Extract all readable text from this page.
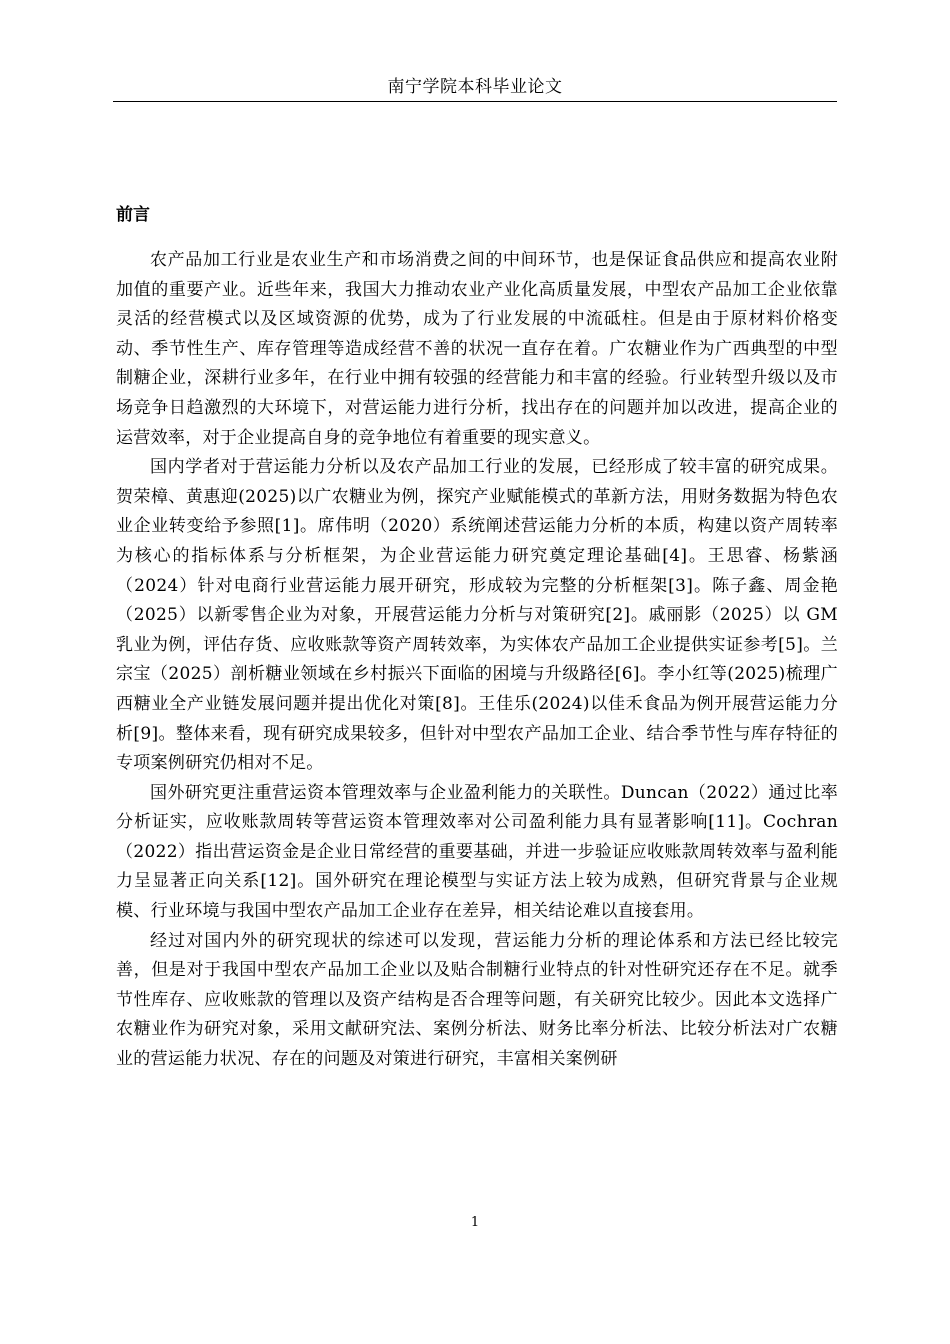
南宁学院本科毕业论文
前言

农产品加工行业是农业生产和市场消费之间的中间环节，也是保证食品供应和提高农业附加值的重要产业。近些年来，我国大力推动农业产业化高质量发展，中型农产品加工企业依靠灵活的经营模式以及区域资源的优势，成为了行业发展的中流砥柱。但是由于原材料价格变动、季节性生产、库存管理等造成经营不善的状况一直存在着。广农糖业作为广西典型的中型制糖企业，深耕行业多年，在行业中拥有较强的经营能力和丰富的经验。行业转型升级以及市场竞争日趋激烈的大环境下，对营运能力进行分析，找出存在的问题并加以改进，提高企业的运营效率，对于企业提高自身的竞争地位有着重要的现实意义。

国内学者对于营运能力分析以及农产品加工行业的发展，已经形成了较丰富的研究成果。贺荣樟、黄惠迎(2025)以广农糖业为例，探究产业赋能模式的革新方法，用财务数据为特色农业企业转变给予参照[1]。席伟明（2020）系统阐述营运能力分析的本质，构建以资产周转率为核心的指标体系与分析框架，为企业营运能力研究奠定理论基础[4]。王思睿、杨紫涵（2024）针对电商行业营运能力展开研究，形成较为完整的分析框架[3]。陈子鑫、周金艳（2025）以新零售企业为对象，开展营运能力分析与对策研究[2]。戚丽影（2025）以 GM 乳业为例，评估存货、应收账款等资产周转效率，为实体农产品加工企业提供实证参考[5]。兰宗宝（2025）剖析糖业领域在乡村振兴下面临的困境与升级路径[6]。李小红等(2025)梳理广西糖业全产业链发展问题并提出优化对策[8]。王佳乐(2024)以佳禾食品为例开展营运能力分析[9]。整体来看，现有研究成果较多，但针对中型农产品加工企业、结合季节性与库存特征的专项案例研究仍相对不足。

国外研究更注重营运资本管理效率与企业盈利能力的关联性。Duncan（2022）通过比率分析证实，应收账款周转等营运资本管理效率对公司盈利能力具有显著影响[11]。Cochran（2022）指出营运资金是企业日常经营的重要基础，并进一步验证应收账款周转效率与盈利能力呈显著正向关系[12]。国外研究在理论模型与实证方法上较为成熟，但研究背景与企业规模、行业环境与我国中型农产品加工企业存在差异，相关结论难以直接套用。

经过对国内外的研究现状的综述可以发现，营运能力分析的理论体系和方法已经比较完善，但是对于我国中型农产品加工企业以及贴合制糖行业特点的针对性研究还存在不足。就季节性库存、应收账款的管理以及资产结构是否合理等问题，有关研究比较少。因此本文选择广农糖业作为研究对象，采用文献研究法、案例分析法、财务比率分析法、比较分析法对广农糖业的营运能力状况、存在的问题及对策进行研究，丰富相关案例研

1
